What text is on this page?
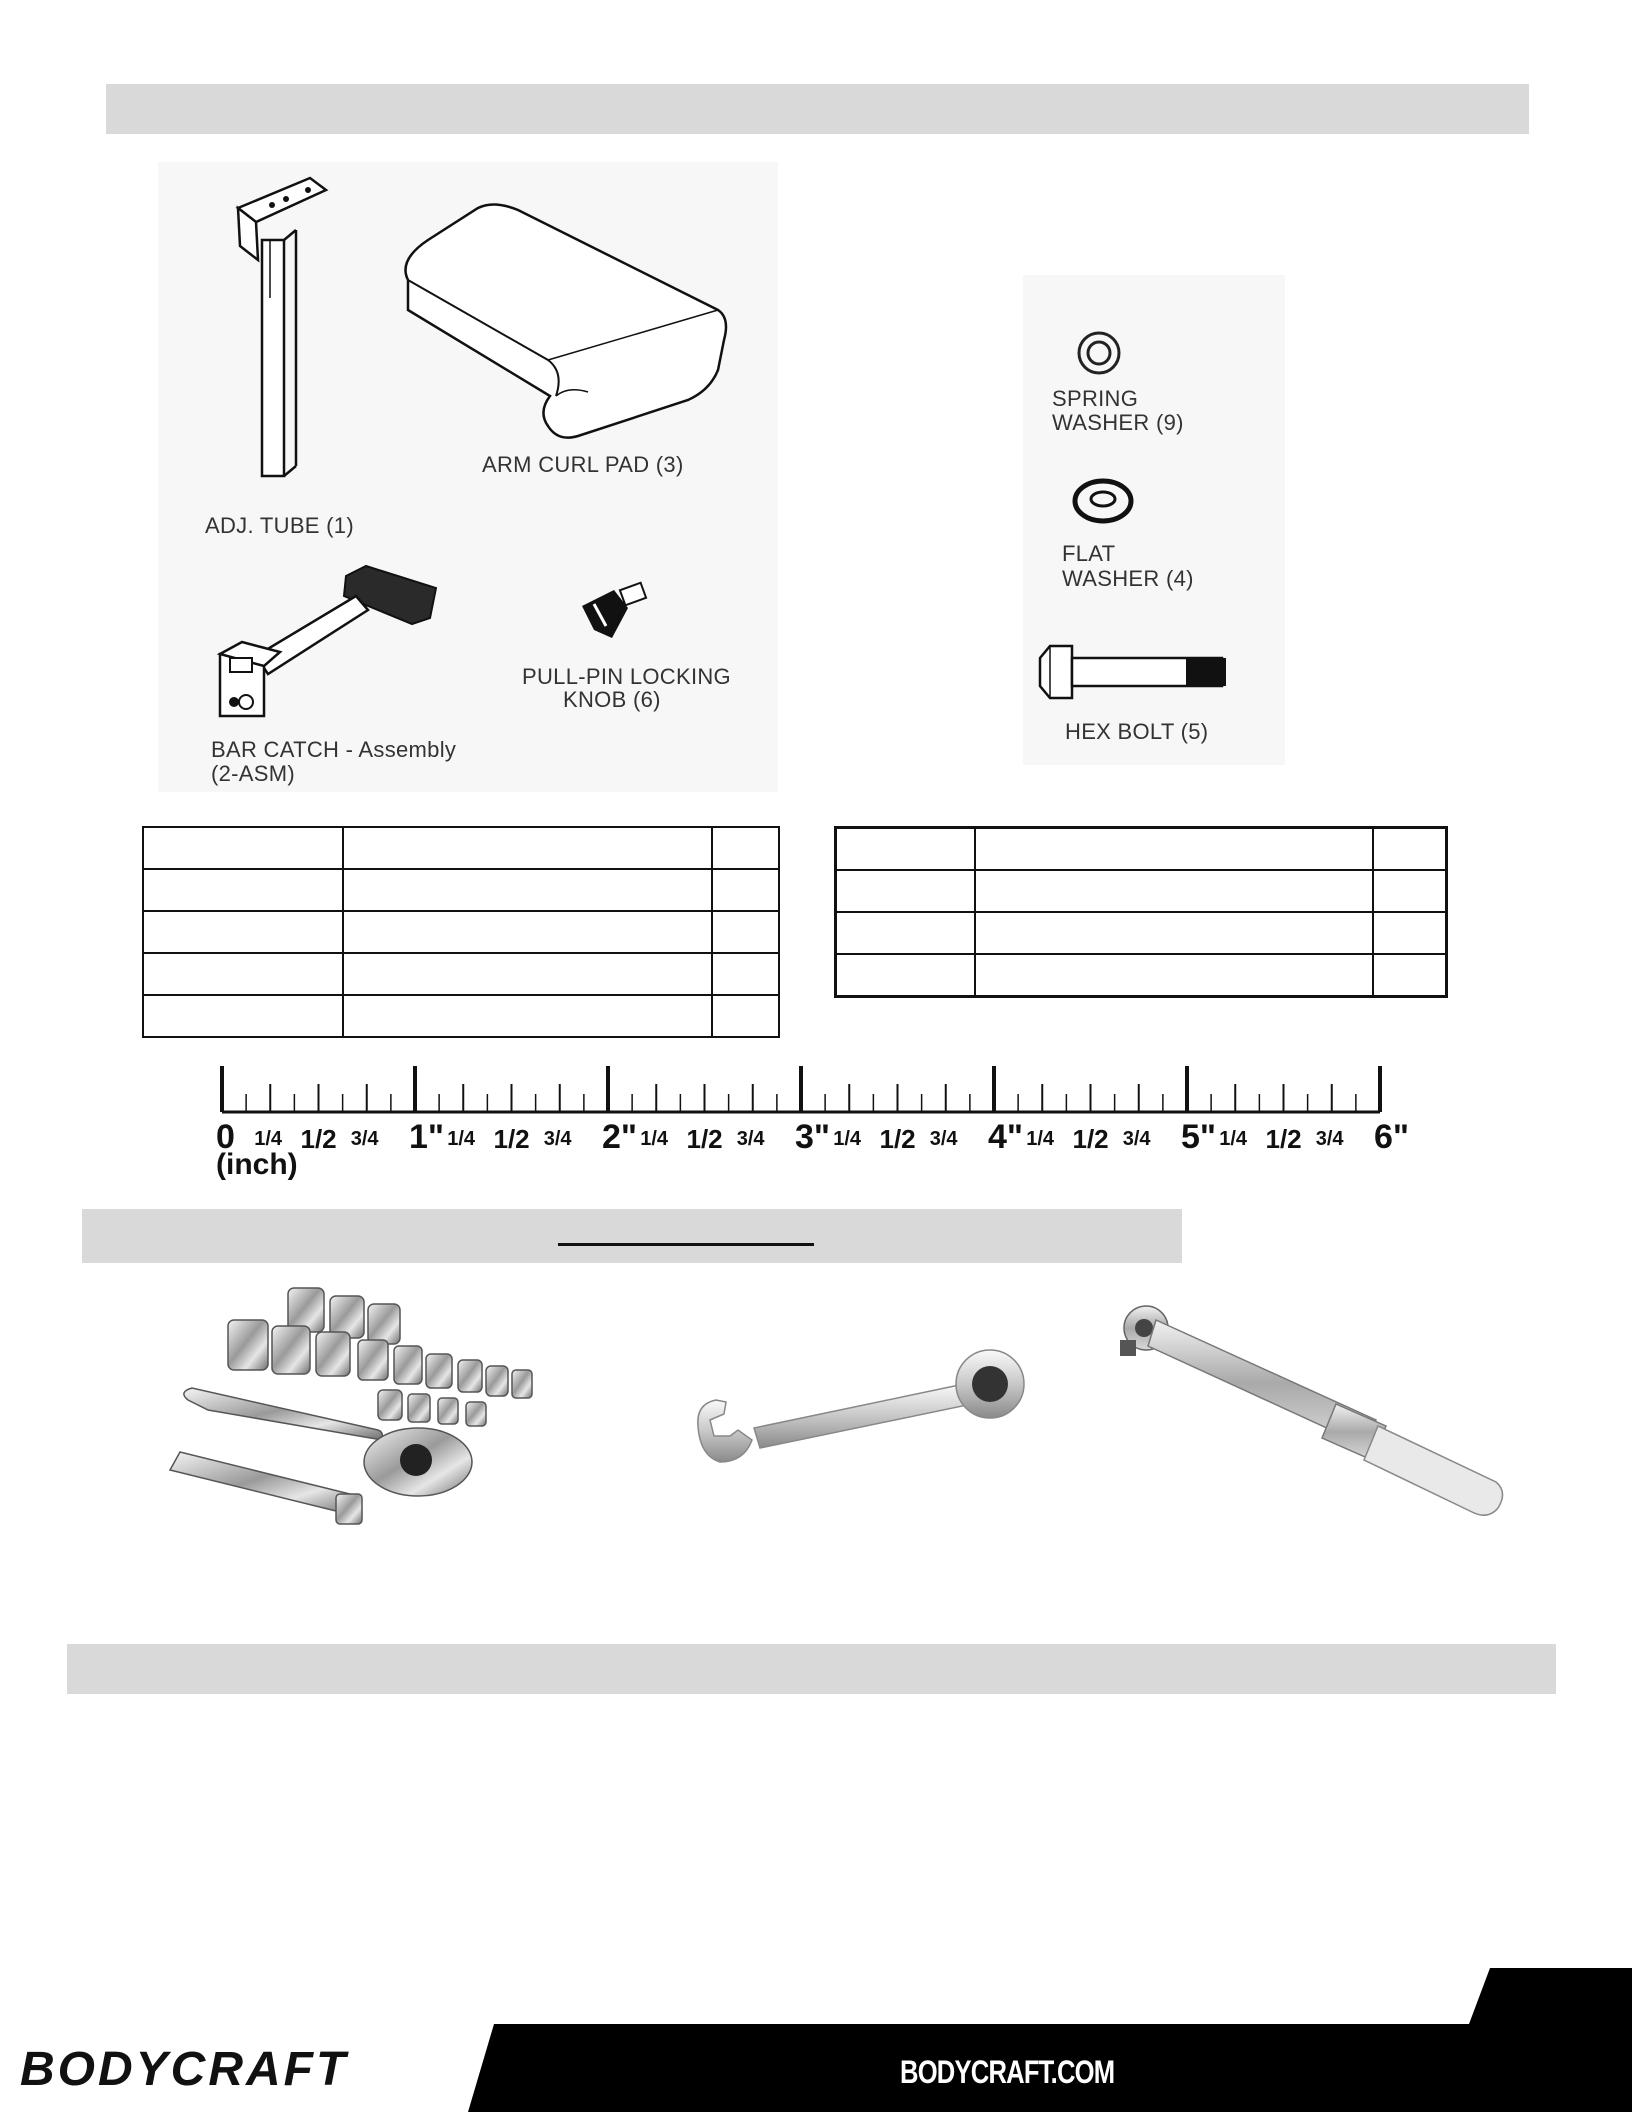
ADJ. TUBE (1)
ARM CURL PAD (3)
BAR CATCH - Assembly
(2-ASM)
PULL-PIN LOCKING
KNOB (6)
SPRING
WASHER (9)
FLAT
WASHER (4)
HEX BOLT (5)

0 1/4 1/2 3/4 1" 1/4 1/2 3/4 2" 1/4 1/2 3/4 3" 1/4 1/2 3/4 4" 1/4 1/2 3/4 5" 1/4 1/2 3/4 6"
(inch)
BODYCRAFT	BODYCRAFT.COM
